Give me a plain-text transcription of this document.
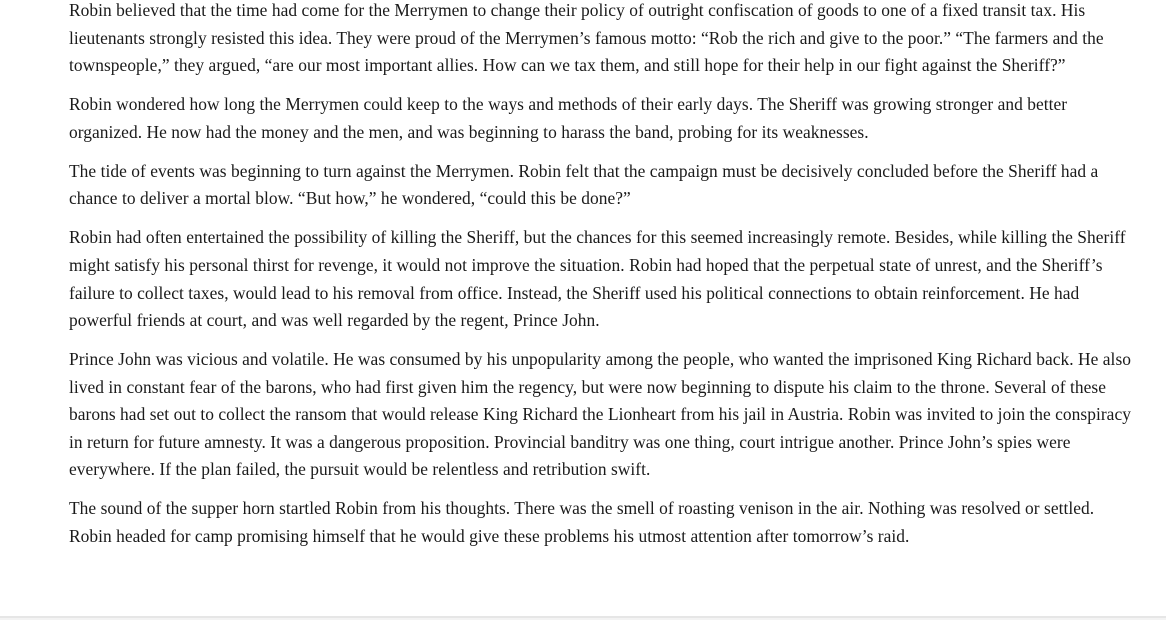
Robin believed that the time had come for the Merrymen to change their policy of outright confiscation of goods to one of a fixed transit tax. His lieutenants strongly resisted this idea. They were proud of the Merrymen’s famous motto: “Rob the rich and give to the poor.” “The farmers and the townspeople,” they argued, “are our most important allies. How can we tax them, and still hope for their help in our fight against the Sheriff?”

Robin wondered how long the Merrymen could keep to the ways and methods of their early days. The Sheriff was growing stronger and better organized. He now had the money and the men, and was beginning to harass the band, probing for its weaknesses.

The tide of events was beginning to turn against the Merrymen. Robin felt that the campaign must be decisively concluded before the Sheriff had a chance to deliver a mortal blow. “But how,” he wondered, “could this be done?”

Robin had often entertained the possibility of killing the Sheriff, but the chances for this seemed increasingly remote. Besides, while killing the Sheriff might satisfy his personal thirst for revenge, it would not improve the situation. Robin had hoped that the perpetual state of unrest, and the Sheriff’s failure to collect taxes, would lead to his removal from office. Instead, the Sheriff used his political connections to obtain reinforcement. He had powerful friends at court, and was well regarded by the regent, Prince John.

Prince John was vicious and volatile. He was consumed by his unpopularity among the people, who wanted the imprisoned King Richard back. He also lived in constant fear of the barons, who had first given him the regency, but were now beginning to dispute his claim to the throne. Several of these barons had set out to collect the ransom that would release King Richard the Lionheart from his jail in Austria. Robin was invited to join the conspiracy in return for future amnesty. It was a dangerous proposition. Provincial banditry was one thing, court intrigue another. Prince John’s spies were everywhere. If the plan failed, the pursuit would be relentless and retribution swift.

The sound of the supper horn startled Robin from his thoughts. There was the smell of roasting venison in the air. Nothing was resolved or settled. Robin headed for camp promising himself that he would give these problems his utmost attention after tomorrow’s raid.
